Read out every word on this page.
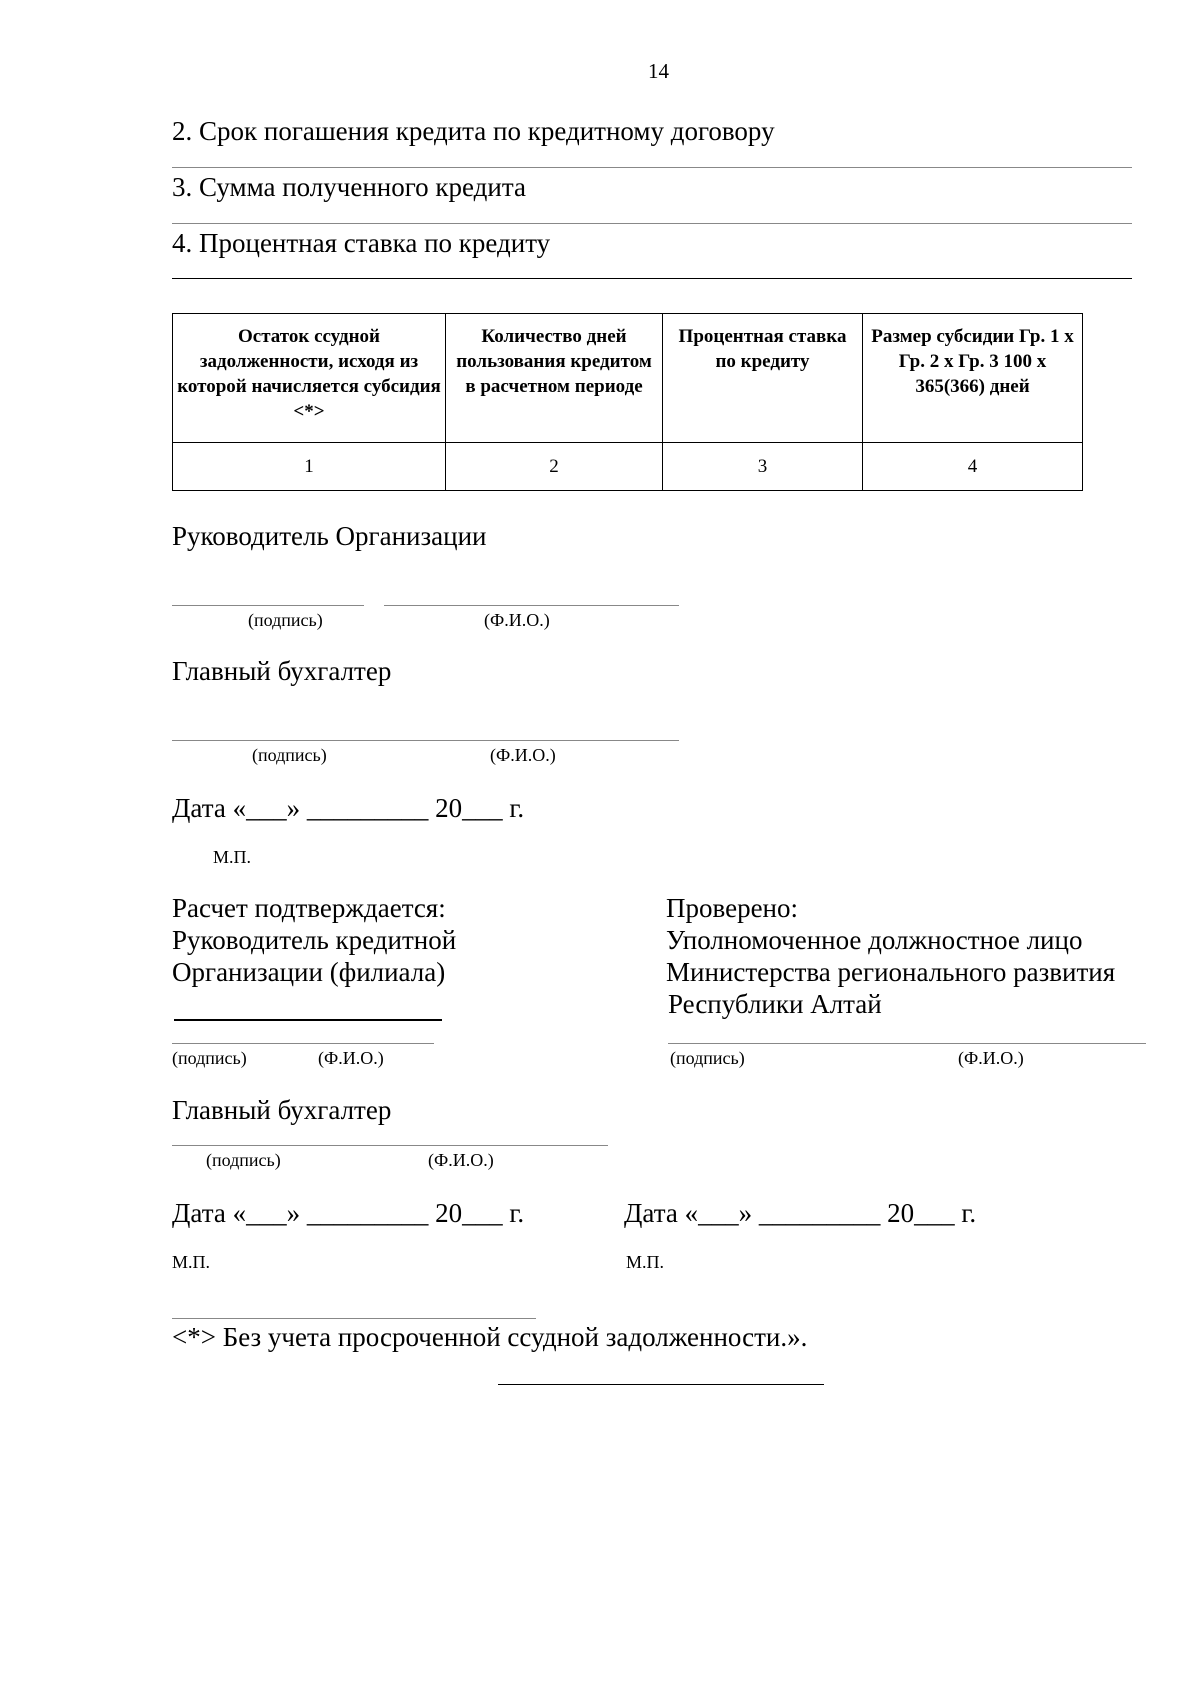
14
2. Срок погашения кредита по кредитному договору
3. Сумма полученного кредита
4. Процентная ставка по кредиту
Остаток ссудной задолженности, исходя из которой начисляется субсидия <*>	Количество дней пользования кредитом в расчетном периоде	Процентная ставка по кредиту	Размер субсидии Гр. 1 x Гр. 2 x Гр. 3 100 x 365(366) дней
1	2	3	4
Руководитель Организации
(подпись)	(Ф.И.О.)
Главный бухгалтер
(подпись)	(Ф.И.О.)
Дата «___» _________ 20___ г.
М.П.
Расчет подтверждается:
Руководитель кредитной
Организации (филиала)
(подпись)	(Ф.И.О.)
Проверено:
Уполномоченное должностное лицо
Министерства регионального развития
Республики Алтай
(подпись)	(Ф.И.О.)
Главный бухгалтер
(подпись)	(Ф.И.О.)
Дата «___» _________ 20___ г.	Дата «___» _________ 20___ г.
М.П.	М.П.
<*> Без учета просроченной ссудной задолженности.».
